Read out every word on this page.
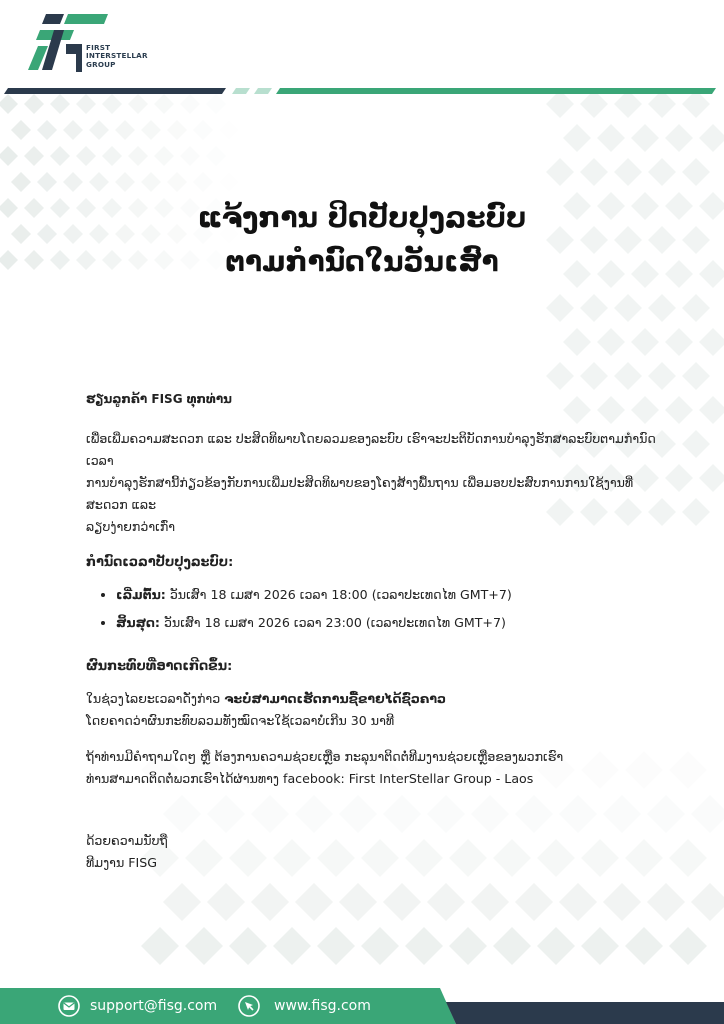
FIRST
INTERSTELLAR
GROUP
ແຈ້ງການ ປິດປັບປຸງລະບົບ
ຕາມກຳນົດໃນວັນເສົາ

ຮຽນລູກຄ້າ FISG ທຸກທ່ານ

ເພື່ອເພີ່ມຄວາມສະດວກ ແລະ ປະສິດທິພາບໂດຍລວມຂອງລະບົບ ເຮົາຈະປະຕິບັດການບຳລຸງຮັກສາລະບົບຕາມກຳນົດເວລາ
ການບຳລຸງຮັກສານີ້ກ່ຽວຂ້ອງກັບການເພີ່ມປະສິດທິພາບຂອງໂຄງສ້າງພື້ນຖານ ເພື່ອມອບປະສົບການການໃຊ້ງານທີ່ສະດວກ ແລະ
ລຽບງ່າຍກວ່າເກົ່າ

ກຳນົດເວລາປັບປຸງລະບົບ:

• ເລີ່ມຕົ້ນ: ວັນເສົາ 18 ເມສາ 2026 ເວລາ 18:00 (ເວລາປະເທດໄທ GMT+7)
• ສິ້ນສຸດ: ວັນເສົາ 18 ເມສາ 2026 ເວລາ 23:00 (ເວລາປະເທດໄທ GMT+7)

ຜົນກະທົບທີ່ອາດເກີດຂຶ້ນ:

ໃນຊ່ວງໄລຍະເວລາດັ່ງກ່າວ ຈະບໍ່ສາມາດເຮັດການຊື້ຂາຍໄດ້ຊົ່ວຄາວ
ໂດຍຄາດວ່າຜົນກະທົບລວມທັງໝົດຈະໃຊ້ເວລາບໍ່ເກີນ 30 ນາທີ

ຖ້າທ່ານມີຄຳຖາມໃດໆ ຫຼື ຕ້ອງການຄວາມຊ່ວຍເຫຼືອ ກະລຸນາຕິດຕໍ່ທີມງານຊ່ວຍເຫຼືອຂອງພວກເຮົາ
ທ່ານສາມາດຕິດຕໍ່ພວກເຮົາໄດ້ຜ່ານທາງ facebook: First InterStellar Group - Laos

ດ້ວຍຄວາມນັບຖື
ທີມງານ FISG

support@fisg.com	www.fisg.com
